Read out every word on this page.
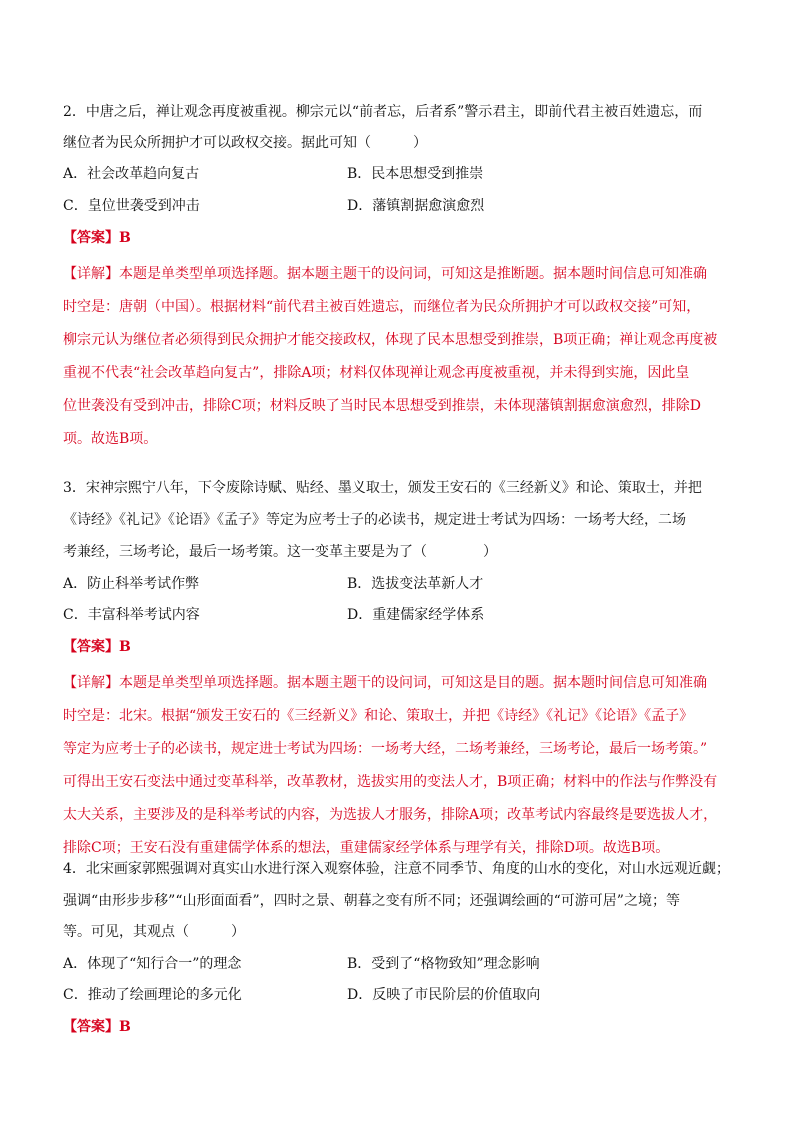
2．中唐之后，禅让观念再度被重视。柳宗元以“前者忘，后者系”警示君主，即前代君主被百姓遗忘，而
继位者为民众所拥护才可以政权交接。据此可知（　　　）
A．社会改革趋向复古	B．民本思想受到推崇
C．皇位世袭受到冲击	D．藩镇割据愈演愈烈
【答案】B
【详解】本题是单类型单项选择题。据本题主题干的设问词，可知这是推断题。据本题时间信息可知准确
时空是：唐朝（中国）。根据材料“前代君主被百姓遗忘，而继位者为民众所拥护才可以政权交接”可知，
柳宗元认为继位者必须得到民众拥护才能交接政权，体现了民本思想受到推崇，B项正确；禅让观念再度被
重视不代表“社会改革趋向复古”，排除A项；材料仅体现禅让观念再度被重视，并未得到实施，因此皇
位世袭没有受到冲击，排除C项；材料反映了当时民本思想受到推崇，未体现藩镇割据愈演愈烈，排除D
项。故选B项。
3．宋神宗熙宁八年，下令废除诗赋、贴经、墨义取士，颁发王安石的《三经新义》和论、策取士，并把
《诗经》《礼记》《论语》《孟子》等定为应考士子的必读书，规定进士考试为四场：一场考大经，二场
考兼经，三场考论，最后一场考策。这一变革主要是为了（　　　　）
A．防止科举考试作弊	B．选拔变法革新人才
C．丰富科举考试内容	D．重建儒家经学体系
【答案】B
【详解】本题是单类型单项选择题。据本题主题干的设问词，可知这是目的题。据本题时间信息可知准确
时空是：北宋。根据“颁发王安石的《三经新义》和论、策取士，并把《诗经》《礼记》《论语》《孟子》
等定为应考士子的必读书，规定进士考试为四场：一场考大经，二场考兼经，三场考论，最后一场考策。”
可得出王安石变法中通过变革科举，改革教材，选拔实用的变法人才，B项正确；材料中的作法与作弊没有
太大关系，主要涉及的是科举考试的内容，为选拔人才服务，排除A项；改革考试内容最终是要选拔人才，
排除C项；王安石没有重建儒学体系的想法，重建儒家经学体系与理学有关，排除D项。故选B项。
4．北宋画家郭熙强调对真实山水进行深入观察体验，注意不同季节、角度的山水的变化，对山水远观近觑；
强调“由形步步移”“山形面面看”，四时之景、朝暮之变有所不同；还强调绘画的“可游可居”之境；等
等。可见，其观点（　　　）
A．体现了“知行合一”的理念	B．受到了“格物致知”理念影响
C．推动了绘画理论的多元化	D．反映了市民阶层的价值取向
【答案】B
